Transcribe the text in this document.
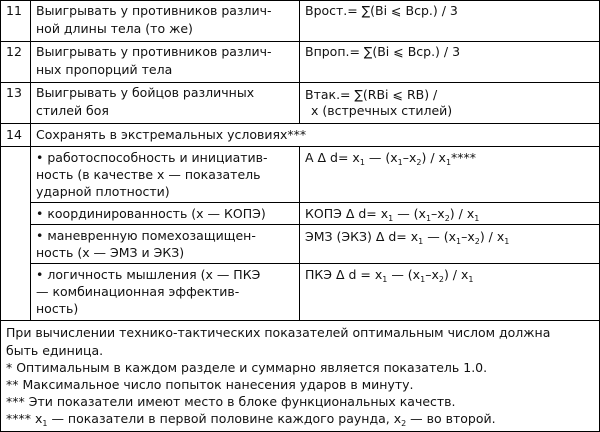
11 Выигрывать у противников различ-
ной длины тела (то же)
Врост.= ∑(Bi ⩽ Вср.) / 3
12 Выигрывать у противников различ-
ных пропорций тела
Впроп.= ∑(Bi ⩽ Вср.) / 3
13 Выигрывать у бойцов различных
стилей боя
Втак.= ∑(RBi ⩽ RB) /
x (встречных стилей)
14 Сохранять в экстремальных условиях***
• работоспособность и инициатив-
ность (в качестве x — показатель
ударной плотности)
A Δ $d= x_1$ — $(x_1-x_2) / x_1****$
• координированность (x — КОПЭ)	КОПЭ Δ $d= x_1$ — $(x_1-x_2) / x_1$
• маневренную помехозащищен-
ность (x — ЭМЗ и ЭКЗ)
ЭМЗ (ЭКЗ) Δ $d= x_1$ — $(x_1-x_2) / x_1$
• логичность мышления (x — ПКЭ
— комбинационная эффектив-
ность)
ПКЭ Δ $d = x_1$ — $(x_1-x_2) / x_1$
При вычислении технико-тактических показателей оптимальным числом должна
быть единица.
* Оптимальным в каждом разделе и суммарно является показатель 1.0.
** Максимальное число попыток нанесения ударов в минуту.
*** Эти показатели имеют место в блоке функциональных качеств.
**** $x_1$ — показатели в первой половине каждого раунда, $x_2$ — во второй.
